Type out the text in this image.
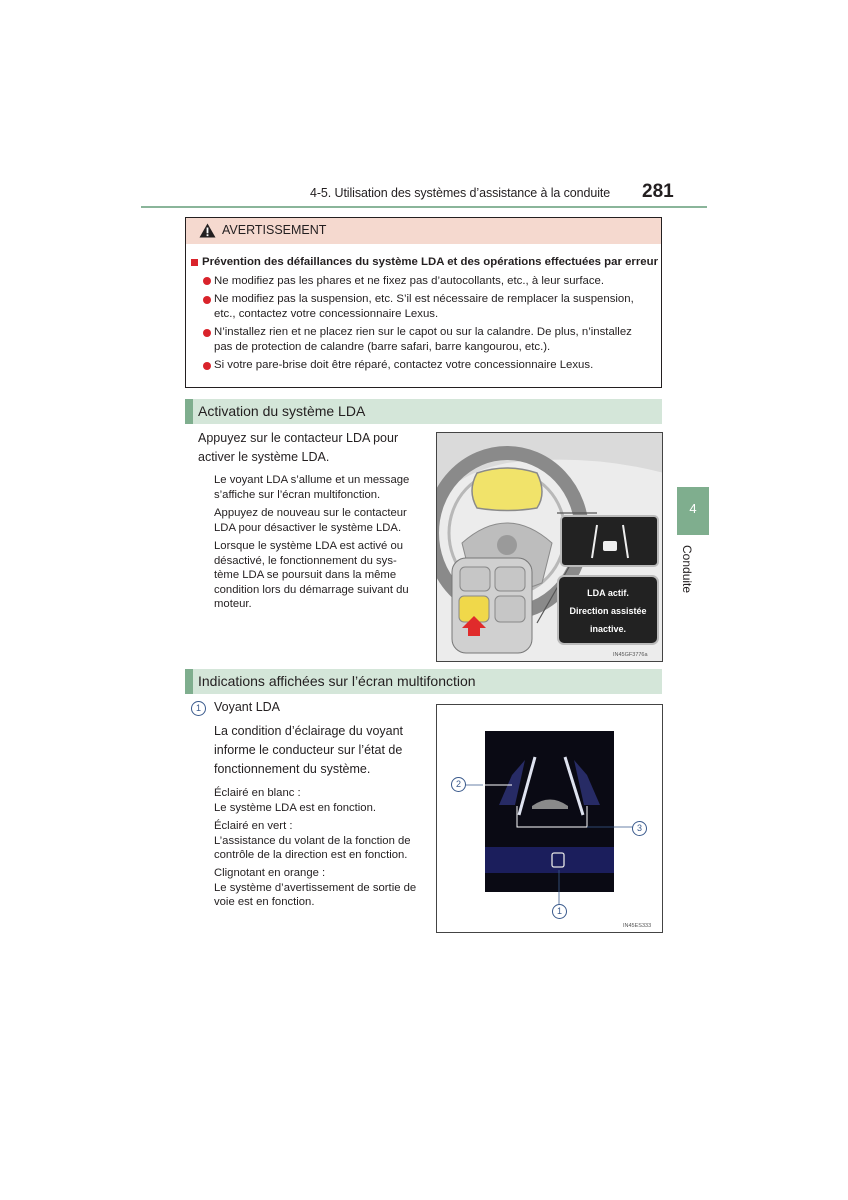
4-5. Utilisation des systèmes d’assistance à la conduite 281
4
Conduite
AVERTISSEMENT
Prévention des défaillances du système LDA et des opérations effectuées par erreur
Ne modifiez pas les phares et ne fixez pas d’autocollants, etc., à leur surface.
Ne modifiez pas la suspension, etc. S’il est nécessaire de remplacer la suspension,
etc., contactez votre concessionnaire Lexus.
N’installez rien et ne placez rien sur le capot ou sur la calandre. De plus, n’installez
pas de protection de calandre (barre safari, barre kangourou, etc.).
Si votre pare-brise doit être réparé, contactez votre concessionnaire Lexus.
Activation du système LDA
Appuyez sur le contacteur LDA pour
activer le système LDA.
Le voyant LDA s’allume et un message
s’affiche sur l’écran multifonction.
Appuyez de nouveau sur le contacteur
LDA pour désactiver le système LDA.
Lorsque le système LDA est activé ou
désactivé, le fonctionnement du sys-
tème LDA se poursuit dans la même
condition lors du démarrage suivant du
moteur.
LDA actif.
Direction assistée
inactive.
IN45GF3776a
Indications affichées sur l’écran multifonction
1	Voyant LDA
La condition d’éclairage du voyant
informe le conducteur sur l’état de
fonctionnement du système.
Éclairé en blanc :
Le système LDA est en fonction.
Éclairé en vert :
L’assistance du volant de la fonction de
contrôle de la direction est en fonction.
Clignotant en orange :
Le système d’avertissement de sortie de
voie est en fonction.
2
3
1
IN45ES333
